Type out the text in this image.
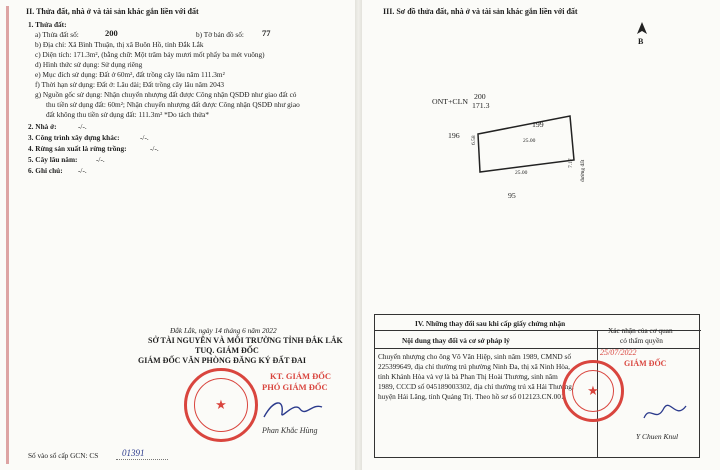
II. Thửa đất, nhà ở và tài sản khác gắn liền với đất
1. Thửa đất:
a) Thửa đất số:	200	b) Tờ bản đồ số: 77
b) Địa chỉ: Xã Bình Thuận, thị xã Buôn Hồ, tỉnh Đắk Lắk
c) Diện tích: 171.3m², (bằng chữ: Một trăm bảy mươi mốt phẩy ba mét vuông)
d) Hình thức sử dụng: Sử dụng riêng
e) Mục đích sử dụng: Đất ở 60m², đất trồng cây lâu năm 111.3m²
f) Thời hạn sử dụng: Đất ở: Lâu dài; Đất trồng cây lâu năm 2043
g) Nguồn gốc sử dụng: Nhận chuyển nhượng đất được Công nhận QSDĐ như giao đất có
thu tiền sử dụng đất: 60m²; Nhận chuyển nhượng đất được Công nhận QSDĐ như giao
đất không thu tiền sử dụng đất: 111.3m² *Do tách thửa*
2. Nhà ở:	-/-.
3. Công trình xây dựng khác:	-/-.
4. Rừng sản xuất là rừng trồng:	-/-.
5. Cây lâu năm:	-/-.
6. Ghi chú: -/-.
Đắk Lắk, ngày 14 tháng 6 năm 2022
SỞ TÀI NGUYÊN VÀ MÔI TRƯỜNG TỈNH ĐẮK LẮK
TUQ. GIÁM ĐỐC
GIÁM ĐỐC VĂN PHÒNG ĐĂNG KÝ ĐẤT ĐAI
★
KT. GIÁM ĐỐC
PHÓ GIÁM ĐỐC
Phan Khắc Hùng
Số vào sổ cấp GCN: CS	01391
III. Sơ đồ thửa đất, nhà ở và tài sản khác gắn liền với đất
B
ONT+CLN
200
171.3
199
196
95
25.00
25.00
6.58
7.17	đường đất
IV. Những thay đổi sau khi cấp giấy chứng nhận
Nội dung thay đổi và cơ sở pháp lý
Xác nhận của cơ quan
có thẩm quyền
Chuyển nhượng cho ông Võ Văn Hiệp, sinh năm 1989, CMND số
225399649, địa chỉ thường trú phường Ninh Đa, thị xã Ninh Hòa,
tỉnh Khánh Hòa và vợ là bà Phan Thị Hoài Thương, sinh năm
1989, CCCD số 045189003302, địa chỉ thường trú xã Hải Thượng,
huyện Hải Lăng, tỉnh Quảng Trị. Theo hồ sơ số 012123.CN.001 ★
25/07/2022
GIÁM ĐỐC
Y Chuen Knul
